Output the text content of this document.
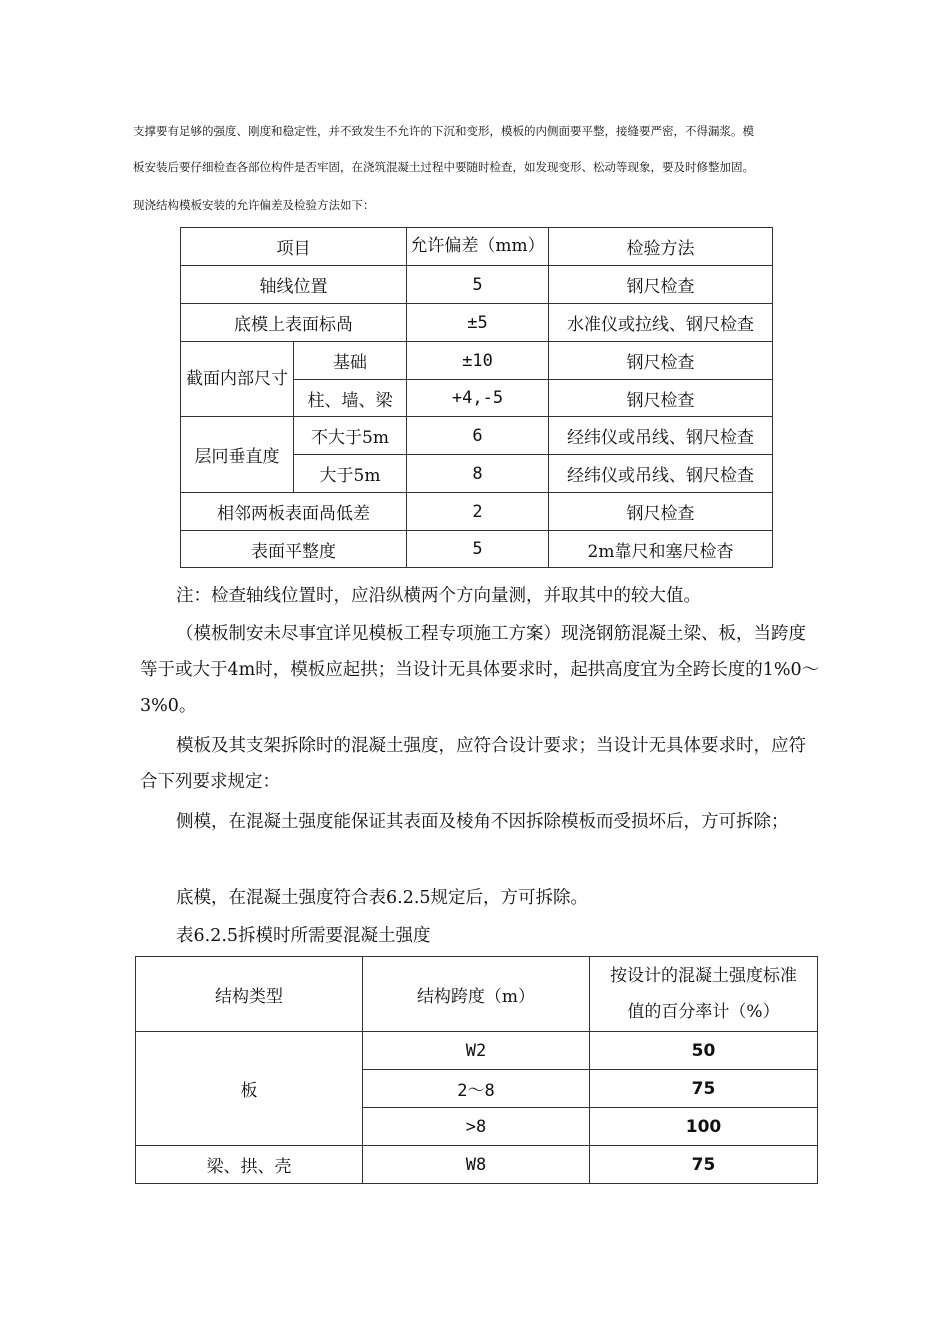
支撑要有足够的强度、刚度和稳定性，并不致发生不允许的下沉和变形，模板的内侧面要平整，接缝要严密，不得漏浆。模
板安装后要仔细检查各部位构件是否牢固，在浇筑混凝土过程中要随时检查，如发现变形、松动等现象，要及时修整加固。
现浇结构模板安装的允许偏差及检验方法如下：
项目		允许偏差（mm）	检验方法
轴线位置		5	钢尺检查
底模上表面标咼		±5	水准仪或拉线、钢尺检查
截面内部尺寸	基础	±10	钢尺检查
	柱、墙、梁	+4,-5	钢尺检查
层冋垂直度	不大于5m	6	经纬仪或吊线、钢尺检查
	大于5m	8	经纬仪或吊线、钢尺检查
相邻两板表面咼低差		2	钢尺检查
表面平整度		5	2m靠尺和塞尺检杳
注：检查轴线位置时，应沿纵横两个方向量测，并取其中的较大值。
（模板制安未尽事宜详见模板工程专项施工方案）现浇钢筋混凝土梁、板，当跨度等于或大于4m时，模板应起拱；当设计无具体要求时，起拱高度宜为全跨长度的1%0〜3%0。
模板及其支架拆除时的混凝土强度，应符合设计要求；当设计无具体要求时，应符合下列要求规定：
侧模，在混凝土强度能保证其表面及棱角不因拆除模板而受损坏后，方可拆除；
底模，在混凝土强度符合表6.2.5规定后，方可拆除。
表6.2.5拆模时所需要混凝土强度
结构类型	结构跨度（m）	按设计的混凝土强度标准值的百分率计（%）

板	W2	50
	2〜8	75
	>8	100
梁、拱、壳	W8	75
